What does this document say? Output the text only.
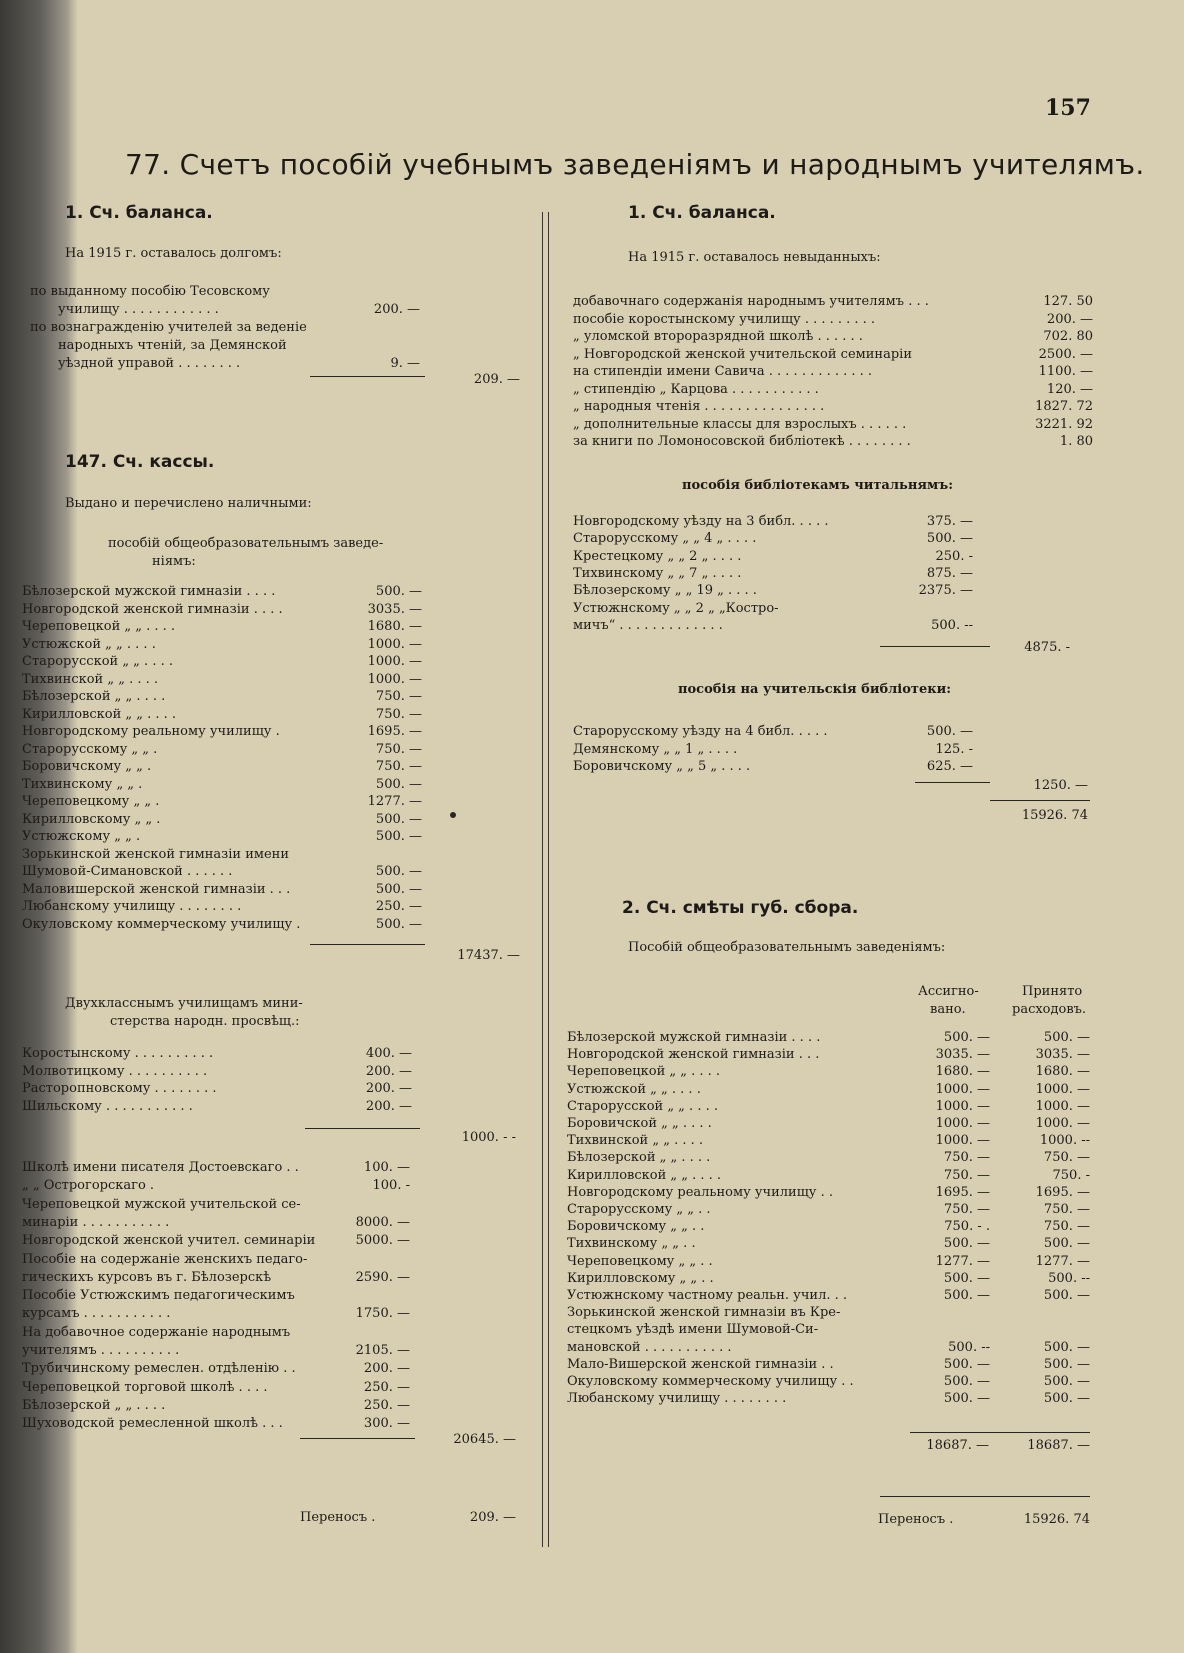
157
77. Счетъ пособій учебнымъ заведеніямъ и народнымъ учителямъ.
1. Сч. баланса.
На 1915 г. оставалось долгомъ:
по выданному пособію Тесовскому
училищу . . . . . . . . . . . .	200. —
по вознагражденію учителей за веденіе
народныхъ чтеній, за Демянской
уѣздной управой . . . . . . . .	9. —
209. —
147. Сч. кассы.
Выдано и перечислено наличными:
пособій общеобразовательнымъ заведе-
ніямъ:
Бѣлозерской мужской гимназіи . . . .	500. —
Новгородской женской гимназіи . . . .	3035. —
Череповецкой „ „ . . . .	1680. —
Устюжской „ „ . . . .	1000. —
Старорусской „ „ . . . .	1000. —
Тихвинской „ „ . . . .	1000. —
Бѣлозерской „ „ . . . .	750. —
Кирилловской „ „ . . . .	750. —
Новгородскому реальному училищу .	1695. —
Старорусскому „ „ .	750. —
Боровичскому „ „ .	750. —
Тихвинскому „ „ .	500. —
Череповецкому „ „ .	1277. —
Кирилловскому „ „ .	500. —
Устюжскому „ „ .	500. —
Зорькинской женской гимназіи имени
Шумовой-Симановской . . . . . .	500. —
Маловишерской женской гимназіи . . .	500. —
Любанскому училищу . . . . . . . .	250. —
Окуловскому коммерческому училищу .	500. —
17437. —
Двухкласснымъ училищамъ мини-
стерства народн. просвѣщ.:
Коростынскому . . . . . . . . . .	400. —
Молвотицкому . . . . . . . . . .	200. —
Расторопновскому . . . . . . . .	200. —
Шильскому . . . . . . . . . . .	200. —
1000. - -
Школѣ имени писателя Достоевскаго . .	100. —
„ „ Острогорскаго .	100. -
Череповецкой мужской учительской се-
минаріи . . . . . . . . . . .	8000. —
Новгородской женской учител. семинаріи	5000. —
Пособіе на содержаніе женскихъ педаго-
гическихъ курсовъ въ г. Бѣлозерскѣ	2590. —
Пособіе Устюжскимъ педагогическимъ
курсамъ . . . . . . . . . . .	1750. —
На добавочное содержаніе народнымъ
учителямъ . . . . . . . . . .	2105. —
Трубичинскому ремеслен. отдѣленію . .	200. —
Череповецкой торговой школѣ . . . .	250. —
Бѣлозерской „ „ . . . .	250. —
Шуховодской ремесленной школѣ . . .	300. —
20645. —
Переносъ .	209. —
1. Сч. баланса.
На 1915 г. оставалось невыданныхъ:
добавочнаго содержанія народнымъ учителямъ . . .	127. 50
пособіе коростынскому училищу . . . . . . . . .	200. —
„ уломской второразрядной школѣ . . . . . .	702. 80
„ Новгородской женской учительской семинаріи	2500. —
на стипендіи имени Савича . . . . . . . . . . . . .	1100. —
„ стипендію „ Карцова . . . . . . . . . . .	120. —
„ народныя чтенія . . . . . . . . . . . . . . .	1827. 72
„ дополнительные классы для взрослыхъ . . . . . .	3221. 92
за книги по Ломоносовской библіотекѣ . . . . . . . .	1. 80
пособія библіотекамъ читальнямъ:
Новгородскому уѣзду на 3 библ. . . . .	375. —
Старорусскому „ „ 4 „ . . . .	500. —
Крестецкому „ „ 2 „ . . . .	250. -
Тихвинскому „ „ 7 „ . . . .	875. —
Бѣлозерскому „ „ 19 „ . . . .	2375. —
Устюжнскому „ „ 2 „ „Костро-
мичъ“ . . . . . . . . . . . . .	500. --
4875. -
пособія на учительскія библіотеки:
Старорусскому уѣзду на 4 библ. . . . .	500. —
Демянскому „ „ 1 „ . . . .	125. -
Боровичскому „ „ 5 „ . . . .	625. —
1250. —
15926. 74
2. Сч. смѣты губ. сбора.
Пособій общеобразовательнымъ заведеніямъ:
Ассигно-
вано.
Принято
расходовъ.
Бѣлозерской мужской гимназіи . . . .	500. —	500. —
Новгородской женской гимназіи . . .	3035. —	3035. —
Череповецкой „ „ . . . .	1680. —	1680. —
Устюжской „ „ . . . .	1000. —	1000. —
Старорусской „ „ . . . .	1000. —	1000. —
Боровичской „ „ . . . .	1000. —	1000. —
Тихвинской „ „ . . . .	1000. —	1000. --
Бѣлозерской „ „ . . . .	750. —	750. —
Кирилловской „ „ . . . .	750. —	750. -
Новгородскому реальному училищу . .	1695. —	1695. —
Старорусскому „ „ . .	750. —	750. —
Боровичскому „ „ . .	750. - .	750. —
Тихвинскому „ „ . .	500. —	500. —
Череповецкому „ „ . .	1277. —	1277. —
Кирилловскому „ „ . .	500. —	500. --
Устюжнскому частному реальн. учил. . .	500. —	500. —
Зорькинской женской гимназіи въ Кре-
стецкомъ уѣздѣ имени Шумовой-Си-
мановской . . . . . . . . . . .	500. --	500. —
Мало-Вишерской женской гимназіи . .	500. —	500. —
Окуловскому коммерческому училищу . .	500. —	500. —
Любанскому училищу . . . . . . . .	500. —	500. —
18687. —	18687. —
Переносъ .	15926. 74
